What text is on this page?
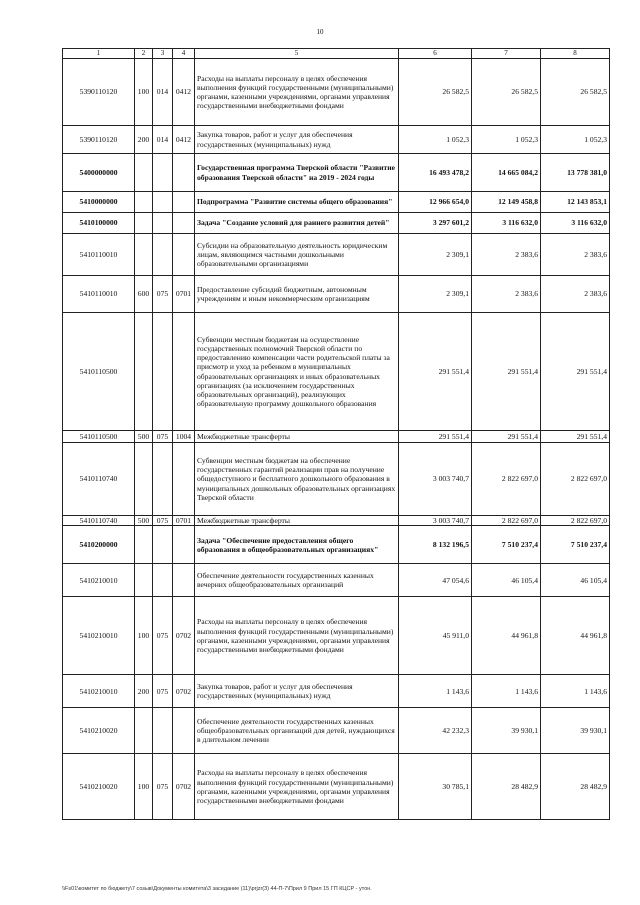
10
1	2	3	4	5	6	7	8
5390110120	100	014	0412	Расходы на выплаты персоналу в целях обеспечения выполнения функций государственными (муниципальными) органами, казенными учреждениями, органами управления государственными внебюджетными фондами	26 582,5	26 582,5	26 582,5
5390110120	200	014	0412	Закупка товаров, работ и услуг для обеспечения государственных (муниципальных) нужд	1 052,3	1 052,3	1 052,3
5400000000				Государственная программа Тверской области "Развитие образования Тверской области" на 2019 - 2024 годы	16 493 478,2	14 665 084,2	13 778 381,0
5410000000				Подпрограмма "Развитие системы общего образования"	12 966 654,0	12 149 458,8	12 143 853,1
5410100000				Задача "Создание условий для раннего развития детей"	3 297 601,2	3 116 632,0	3 116 632,0
5410110010				Субсидии на образовательную деятельность юридическим лицам, являющимся частными дошкольными образовательными организациями	2 309,1	2 383,6	2 383,6
5410110010	600	075	0701	Предоставление субсидий бюджетным, автономным учреждениям и иным некоммерческим организациям	2 309,1	2 383,6	2 383,6
5410110500				Субвенции местным бюджетам на осуществление государственных полномочий Тверской области по предоставлению компенсации части родительской платы за присмотр и уход за ребенком в муниципальных образовательных организациях и иных образовательных организациях (за исключением государственных образовательных организаций), реализующих образовательную программу дошкольного образования	291 551,4	291 551,4	291 551,4
5410110500	500	075	1004	Межбюджетные трансферты	291 551,4	291 551,4	291 551,4
5410110740				Субвенции местным бюджетам на обеспечение государственных гарантий реализации прав на получение общедоступного и бесплатного дошкольного образования в муниципальных дошкольных образовательных организациях Тверской области	3 003 740,7	2 822 697,0	2 822 697,0
5410110740	500	075	0701	Межбюджетные трансферты	3 003 740,7	2 822 697,0	2 822 697,0
5410200000				Задача "Обеспечение предоставления общего образования в общеобразовательных организациях"	8 132 196,5	7 510 237,4	7 510 237,4
5410210010				Обеспечение деятельности государственных казенных вечерних общеобразовательных организаций	47 054,6	46 105,4	46 105,4
5410210010	100	075	0702	Расходы на выплаты персоналу в целях обеспечения выполнения функций государственными (муниципальными) органами, казенными учреждениями, органами управления государственными внебюджетными фондами	45 911,0	44 961,8	44 961,8
5410210010	200	075	0702	Закупка товаров, работ и услуг для обеспечения государственных (муниципальных) нужд	1 143,6	1 143,6	1 143,6
5410210020				Обеспечение деятельности государственных казенных общеобразовательных организаций для детей, нуждающихся в длительном лечении	42 232,3	39 930,1	39 930,1
5410210020	100	075	0702	Расходы на выплаты персоналу в целях обеспечения выполнения функций государственными (муниципальными) органами, казенными учреждениями, органами управления государственными внебюджетными фондами	30 785,1	28 482,9	28 482,9
\\Fs01\комитет по бюджету\7 созыв\Документы комитета\3 заседание (11)\prjzr(3) 44-П-7\Прил 9 Прил 15 ГП КЦСР - утон.
